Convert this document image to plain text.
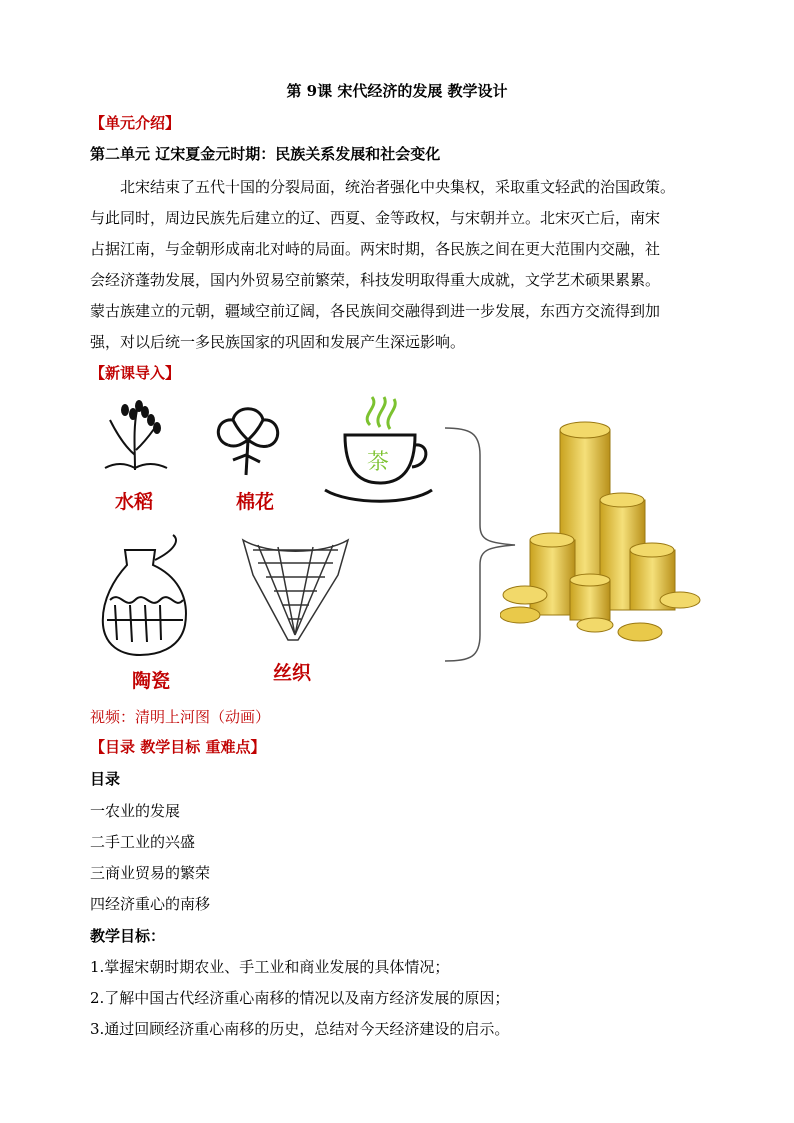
第 9课 宋代经济的发展 教学设计
【单元介绍】
第二单元 辽宋夏金元时期：民族关系发展和社会变化
北宋结束了五代十国的分裂局面，统治者强化中央集权，采取重文轻武的治国政策。
与此同时，周边民族先后建立的辽、西夏、金等政权，与宋朝并立。北宋灭亡后，南宋
占据江南，与金朝形成南北对峙的局面。两宋时期，各民族之间在更大范围内交融，社
会经济蓬勃发展，国内外贸易空前繁荣，科技发明取得重大成就，文学艺术硕果累累。
蒙古族建立的元朝，疆域空前辽阔，各民族间交融得到进一步发展，东西方交流得到加
强，对以后统一多民族国家的巩固和发展产生深远影响。
【新课导入】
水稻	棉花
茶
陶瓷	丝织
视频：清明上河图（动画）
【目录 教学目标 重难点】
目录
一农业的发展
二手工业的兴盛
三商业贸易的繁荣
四经济重心的南移
教学目标：
1.掌握宋朝时期农业、手工业和商业发展的具体情况；
2.了解中国古代经济重心南移的情况以及南方经济发展的原因；
3.通过回顾经济重心南移的历史，总结对今天经济建设的启示。
